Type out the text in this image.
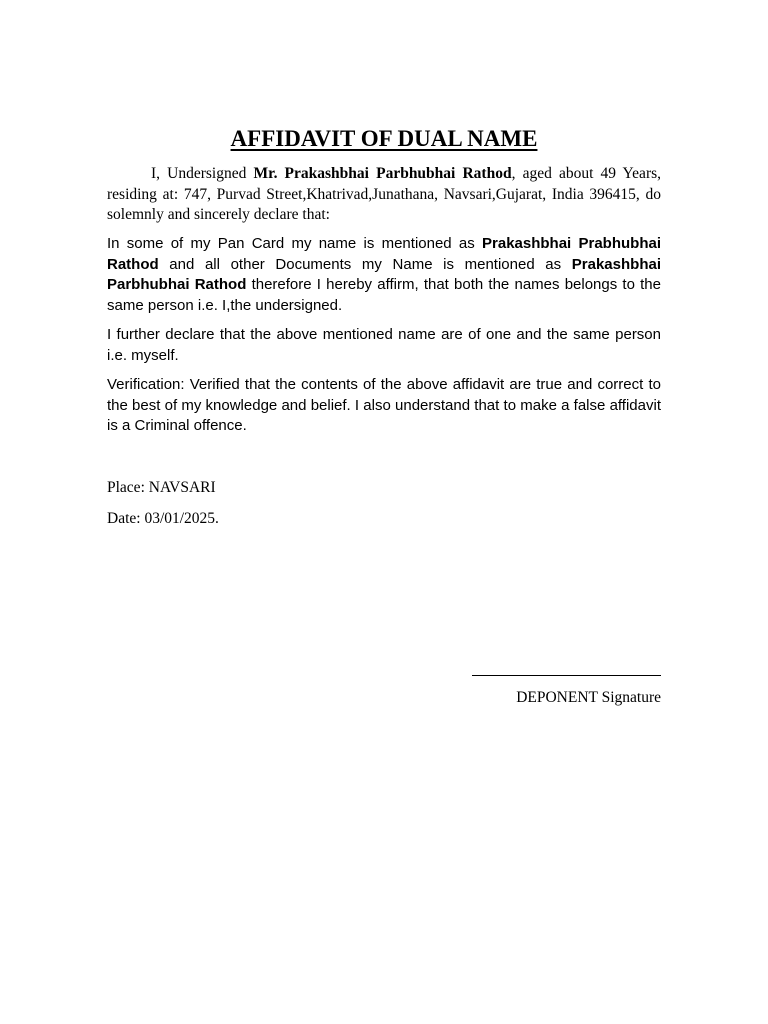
AFFIDAVIT OF DUAL NAME

I, Undersigned Mr. Prakashbhai Parbhubhai Rathod, aged about 49 Years, residing at: 747, Purvad Street,Khatrivad,Junathana, Navsari,Gujarat, India 396415, do solemnly and sincerely declare that:

In some of my Pan Card my name is mentioned as Prakashbhai Prabhubhai Rathod and all other Documents my Name is mentioned as Prakashbhai Parbhubhai Rathod therefore I hereby affirm, that both the names belongs to the same person i.e. I,the undersigned.

I further declare that the above mentioned name are of one and the same person i.e. myself.

Verification: Verified that the contents of the above affidavit are true and correct to the best of my knowledge and belief. I also understand that to make a false affidavit is a Criminal offence.

Place: NAVSARI

Date: 03/01/2025.

DEPONENT Signature
